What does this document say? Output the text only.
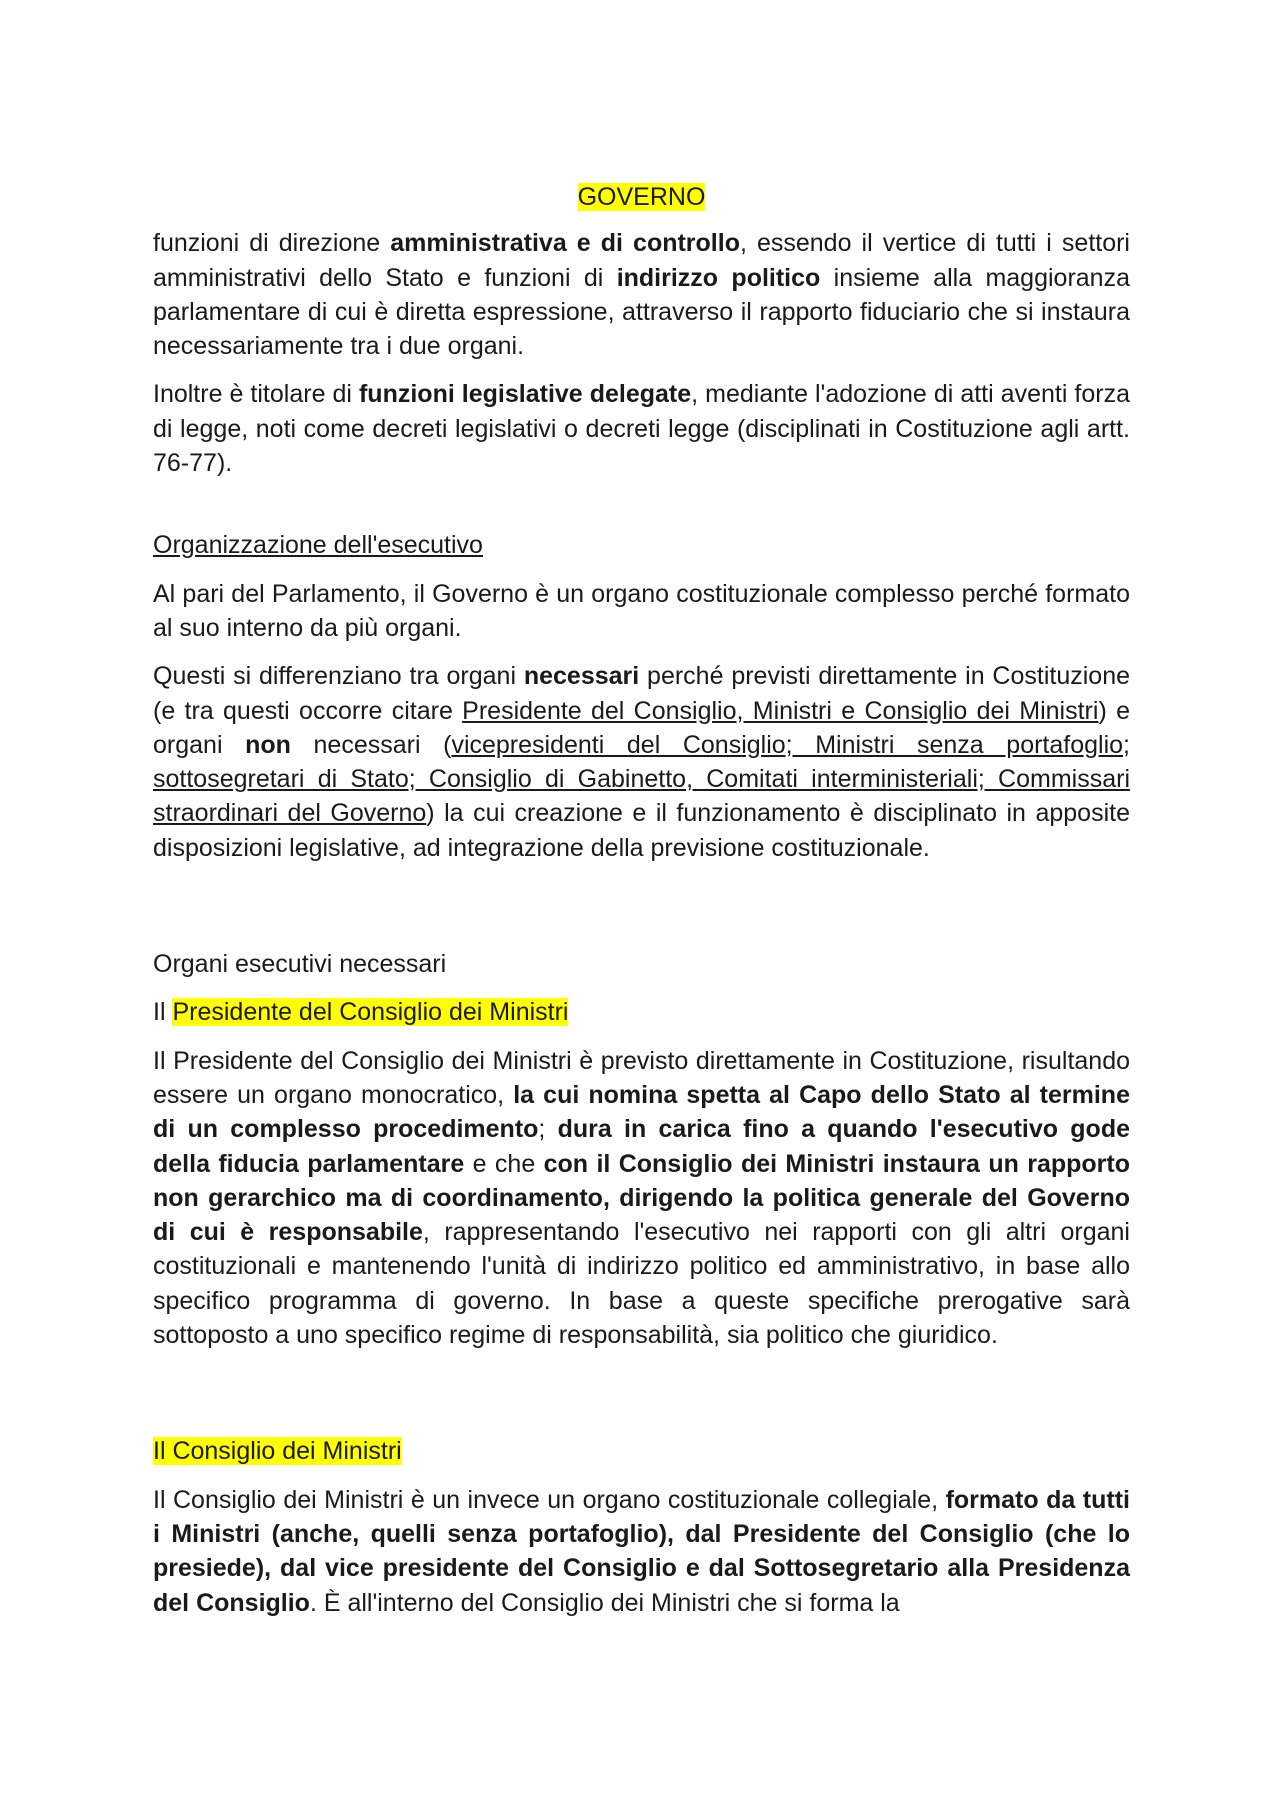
GOVERNO

funzioni di direzione amministrativa e di controllo, essendo il vertice di tutti i settori amministrativi dello Stato e funzioni di indirizzo politico insieme alla maggioranza parlamentare di cui è diretta espressione, attraverso il rapporto fiduciario che si instaura necessariamente tra i due organi.

Inoltre è titolare di funzioni legislative delegate, mediante l'adozione di atti aventi forza di legge, noti come decreti legislativi o decreti legge (disciplinati in Costituzione agli artt. 76-77).

Organizzazione dell'esecutivo

Al pari del Parlamento, il Governo è un organo costituzionale complesso perché formato al suo interno da più organi.

Questi si differenziano tra organi necessari perché previsti direttamente in Costituzione (e tra questi occorre citare Presidente del Consiglio, Ministri e Consiglio dei Ministri) e organi non necessari (vicepresidenti del Consiglio; Ministri senza portafoglio; sottosegretari di Stato; Consiglio di Gabinetto, Comitati interministeriali; Commissari straordinari del Governo) la cui creazione e il funzionamento è disciplinato in apposite disposizioni legislative, ad integrazione della previsione costituzionale.

Organi esecutivi necessari

Il Presidente del Consiglio dei Ministri

Il Presidente del Consiglio dei Ministri è previsto direttamente in Costituzione, risultando essere un organo monocratico, la cui nomina spetta al Capo dello Stato al termine di un complesso procedimento; dura in carica fino a quando l'esecutivo gode della fiducia parlamentare e che con il Consiglio dei Ministri instaura un rapporto non gerarchico ma di coordinamento, dirigendo la politica generale del Governo di cui è responsabile, rappresentando l'esecutivo nei rapporti con gli altri organi costituzionali e mantenendo l'unità di indirizzo politico ed amministrativo, in base allo specifico programma di governo. In base a queste specifiche prerogative sarà sottoposto a uno specifico regime di responsabilità, sia politico che giuridico.

Il Consiglio dei Ministri

Il Consiglio dei Ministri è un invece un organo costituzionale collegiale, formato da tutti i Ministri (anche, quelli senza portafoglio), dal Presidente del Consiglio (che lo presiede), dal vice presidente del Consiglio e dal Sottosegretario alla Presidenza del Consiglio. È all'interno del Consiglio dei Ministri che si forma la
